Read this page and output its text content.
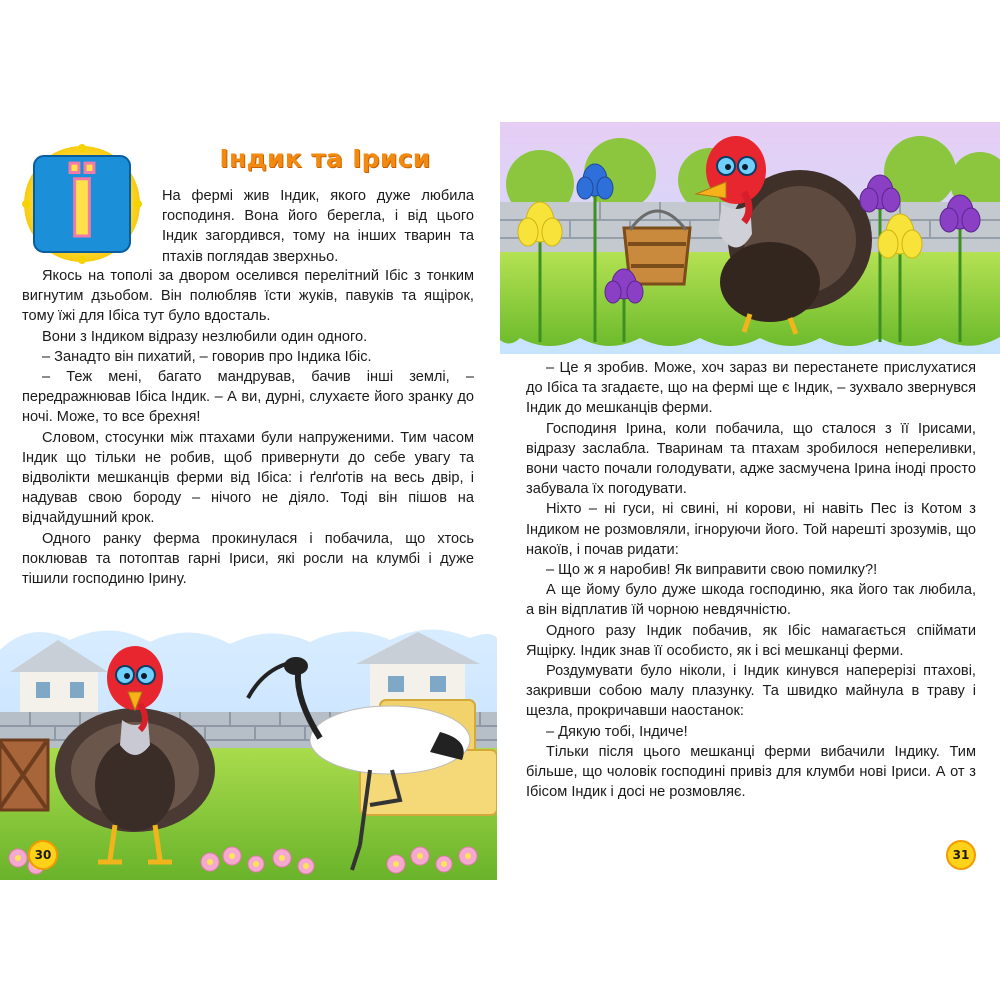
Ї
Індик та Іриси

На фермі жив Індик, якого дуже любила господиня. Вона його берегла, і від цього Індик загордився, тому на інших тварин та птахів поглядав зверхньо.

Якось на тополі за двором оселився перелітний Ібіс з тонким вигнутим дзьобом. Він полюбляв їсти жуків, павуків та ящірок, тому їжі для Ібіса тут було вдосталь.

Вони з Індиком відразу незлюбили один одного.

– Занадто він пихатий, – говорив про Індика Ібіс.

– Теж мені, багато мандрував, бачив інші землі, – передражнював Ібіса Індик. – А ви, дурні, слухаєте його зранку до ночі. Може, то все брехня!

Словом, стосунки між птахами були напруженими. Тим часом Індик що тільки не робив, щоб привернути до себе увагу та відволікти мешканців ферми від Ібіса: і ґелґотів на весь двір, і надував свою бороду – нічого не діяло. Тоді він пішов на відчайдушний крок.

Одного ранку ферма прокинулася і побачила, що хтось поклював та потоптав гарні Іриси, які росли на клумбі і дуже тішили господиню Ірину.

30

– Це я зробив. Може, хоч зараз ви перестанете прислухатися до Ібіса та згадаєте, що на фермі ще є Індик, – зухвало звернувся Індик до мешканців ферми.

Господиня Ірина, коли побачила, що сталося з її Ірисами, відразу заслабла. Тваринам та птахам зробилося непереливки, вони часто почали голодувати, адже засмучена Ірина іноді просто забувала їх погодувати.

Ніхто – ні гуси, ні свині, ні корови, ні навіть Пес із Котом з Індиком не розмовляли, ігноруючи його. Той нарешті зрозумів, що накоїв, і почав ридати:

– Що ж я наробив! Як виправити свою помилку?!

А ще йому було дуже шкода господиню, яка його так любила, а він відплатив їй чорною невдячністю.

Одного разу Індик побачив, як Ібіс намагається спіймати Ящірку. Індик знав її особисто, як і всі мешканці ферми.

Роздумувати було ніколи, і Індик кинувся наперерізі птахові, закривши собою малу плазунку. Та швидко майнула в траву і щезла, прокричавши наостанок:

– Дякую тобі, Індиче!

Тільки після цього мешканці ферми вибачили Індику. Тим більше, що чоловік господині привіз для клумби нові Іриси. А от з Ібісом Індик і досі не розмовляє.

31
